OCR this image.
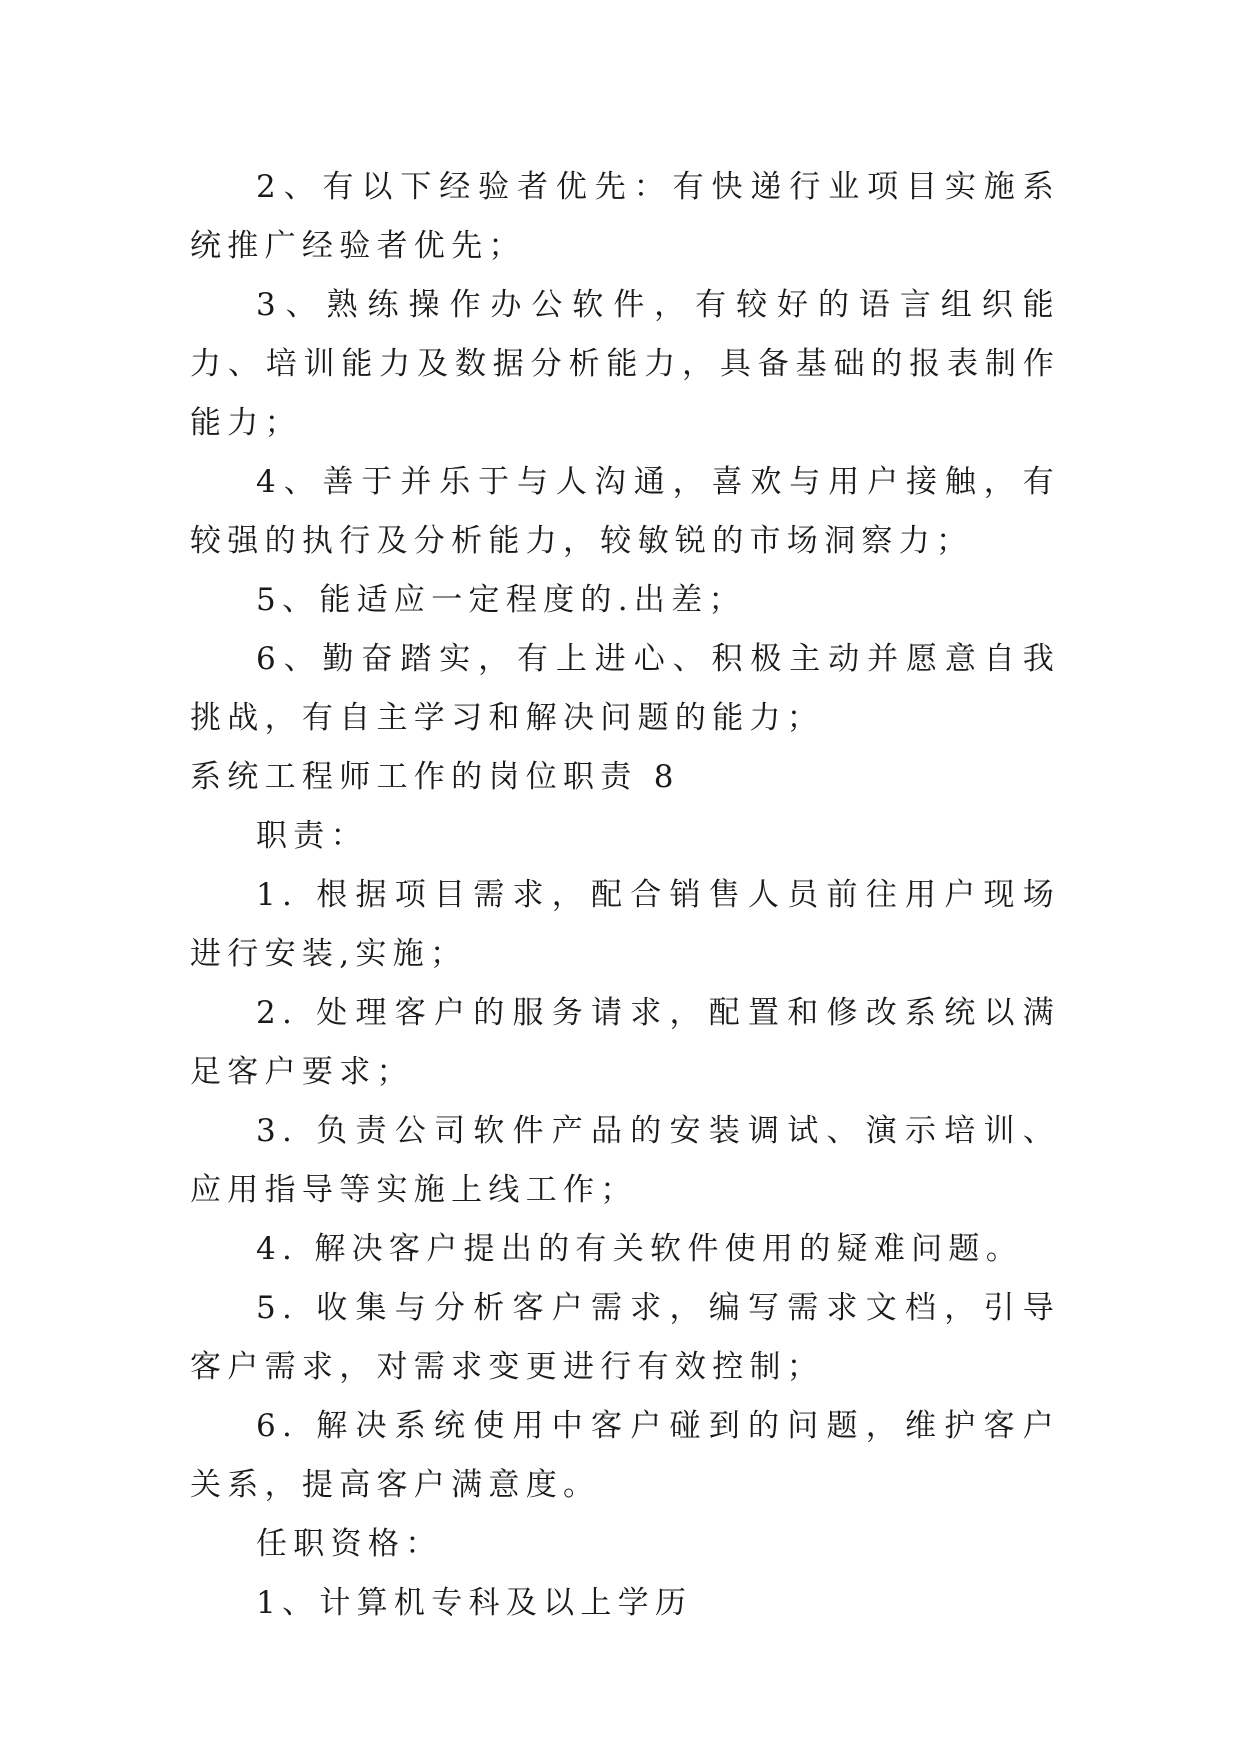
2、有以下经验者优先：有快递行业项目实施系统推广经验者优先；

3、熟练操作办公软件，有较好的语言组织能力、培训能力及数据分析能力，具备基础的报表制作能力；

4、善于并乐于与人沟通，喜欢与用户接触，有较强的执行及分析能力，较敏锐的市场洞察力；

5、能适应一定程度的.出差；

6、勤奋踏实，有上进心、积极主动并愿意自我挑战，有自主学习和解决问题的能力；

系统工程师工作的岗位职责 8

职责：

1. 根据项目需求，配合销售人员前往用户现场进行安装,实施；

2. 处理客户的服务请求，配置和修改系统以满足客户要求；

3. 负责公司软件产品的安装调试、演示培训、应用指导等实施上线工作；

4. 解决客户提出的有关软件使用的疑难问题。

5. 收集与分析客户需求，编写需求文档，引导客户需求，对需求变更进行有效控制；

6. 解决系统使用中客户碰到的问题，维护客户关系，提高客户满意度。

任职资格：

1、计算机专科及以上学历
